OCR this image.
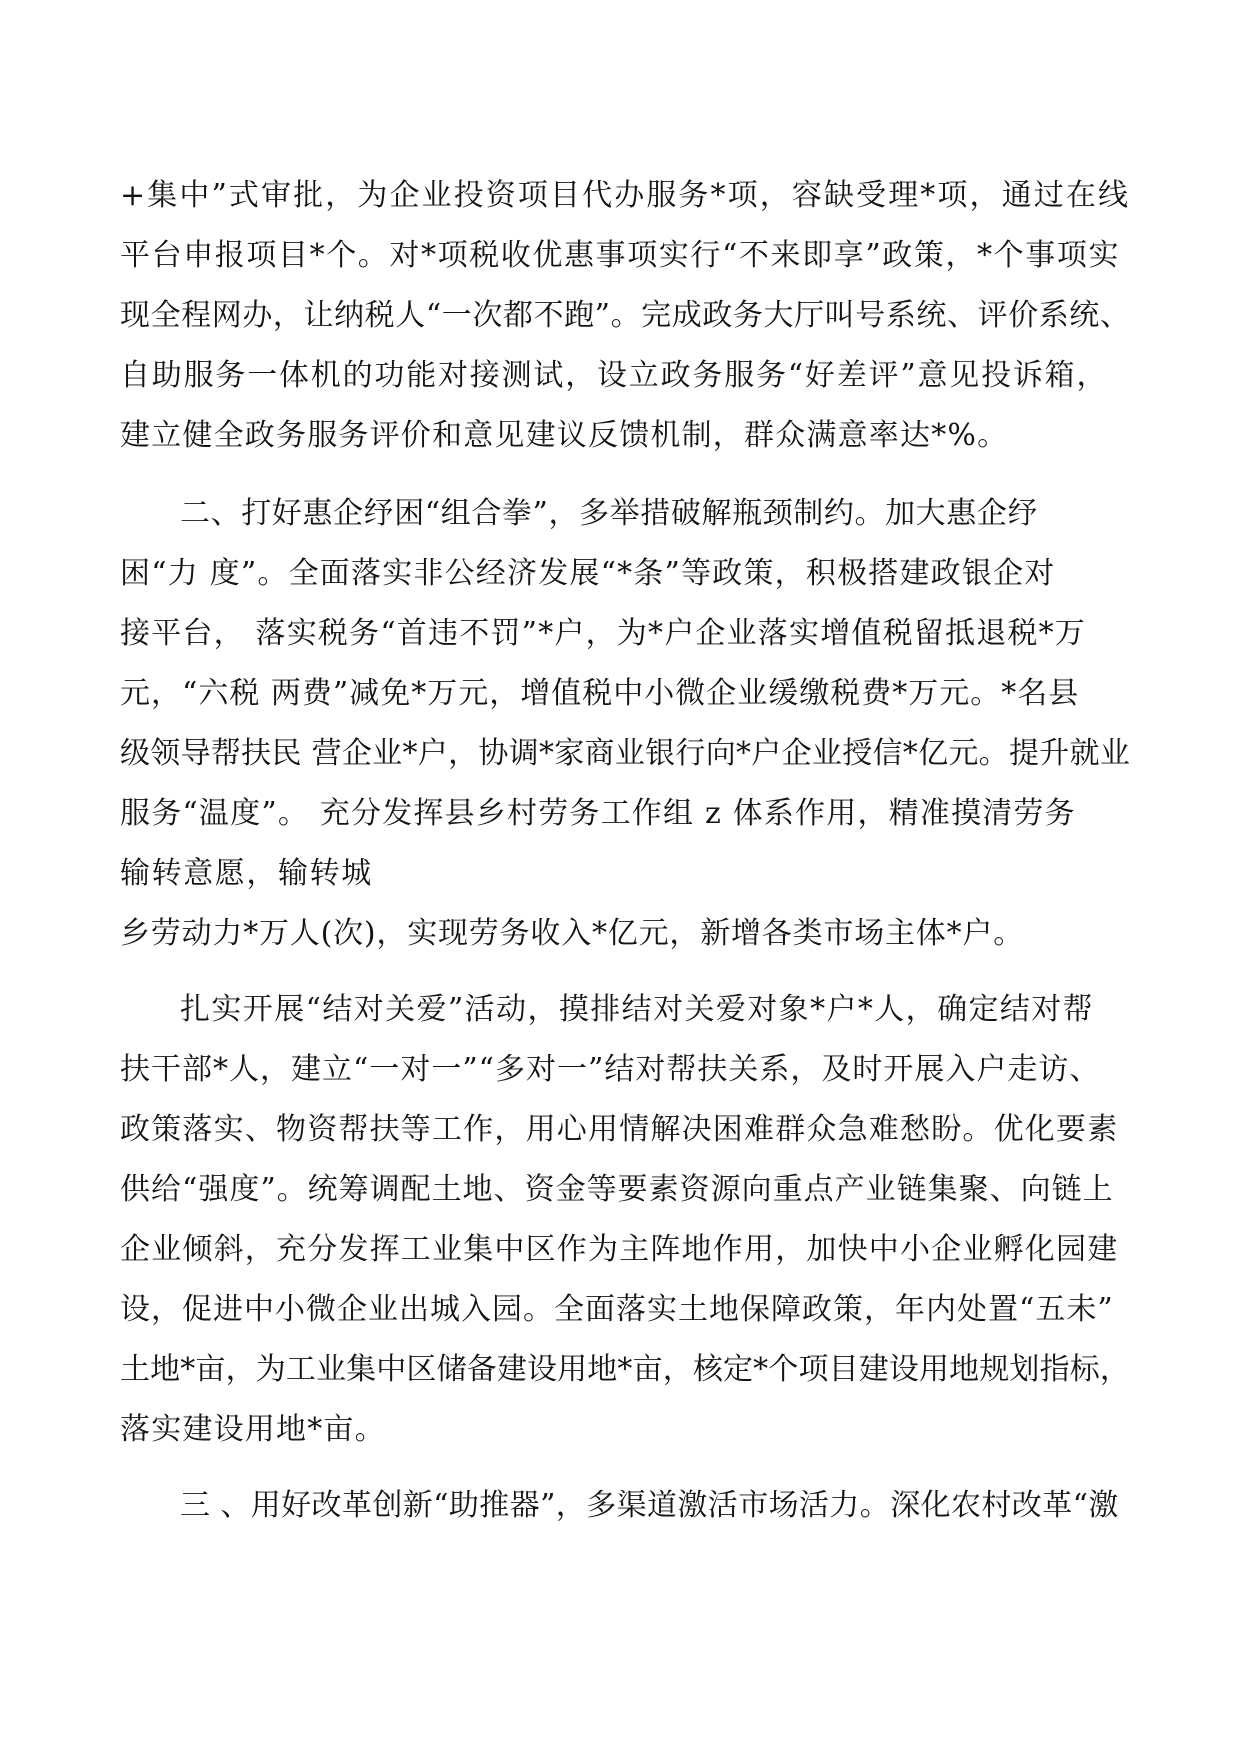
+集中”式审批，为企业投资项目代办服务*项，容缺受理*项，通过在线

平台申报项目*个。对*项税收优惠事项实行“不来即享”政策，*个事项实

现全程网办，让纳税人“一次都不跑”。完成政务大厅叫号系统、评价系统、

自助服务一体机的功能对接测试，设立政务服务“好差评”意见投诉箱，

建立健全政务服务评价和意见建议反馈机制，群众满意率达*%。

二、打好惠企纾困“组合拳”，多举措破解瓶颈制约。加大惠企纾

困“力 度”。全面落实非公经济发展“*条”等政策，积极搭建政银企对

接平台， 落实税务“首违不罚”*户，为*户企业落实增值税留抵退税*万

元，“六税 两费”减免*万元，增值税中小微企业缓缴税费*万元。*名县

级领导帮扶民 营企业*户，协调*家商业银行向*户企业授信*亿元。提升就业

服务“温度”。 充分发挥县乡村劳务工作组 z 体系作用，精准摸清劳务

输转意愿，输转城

乡劳动力*万人(次)，实现劳务收入*亿元，新增各类市场主体*户。

扎实开展“结对关爱”活动，摸排结对关爱对象*户*人，确定结对帮

扶干部*人，建立“一对一”“多对一”结对帮扶关系，及时开展入户走访、

政策落实、物资帮扶等工作，用心用情解决困难群众急难愁盼。优化要素

供给“强度”。统筹调配土地、资金等要素资源向重点产业链集聚、向链上

企业倾斜，充分发挥工业集中区作为主阵地作用，加快中小企业孵化园建

设，促进中小微企业出城入园。全面落实土地保障政策，年内处置“五未”

土地*亩，为工业集中区储备建设用地*亩，核定*个项目建设用地规划指标，

落实建设用地*亩。

三 、用好改革创新“助推器”，多渠道激活市场活力。深化农村改革“激
